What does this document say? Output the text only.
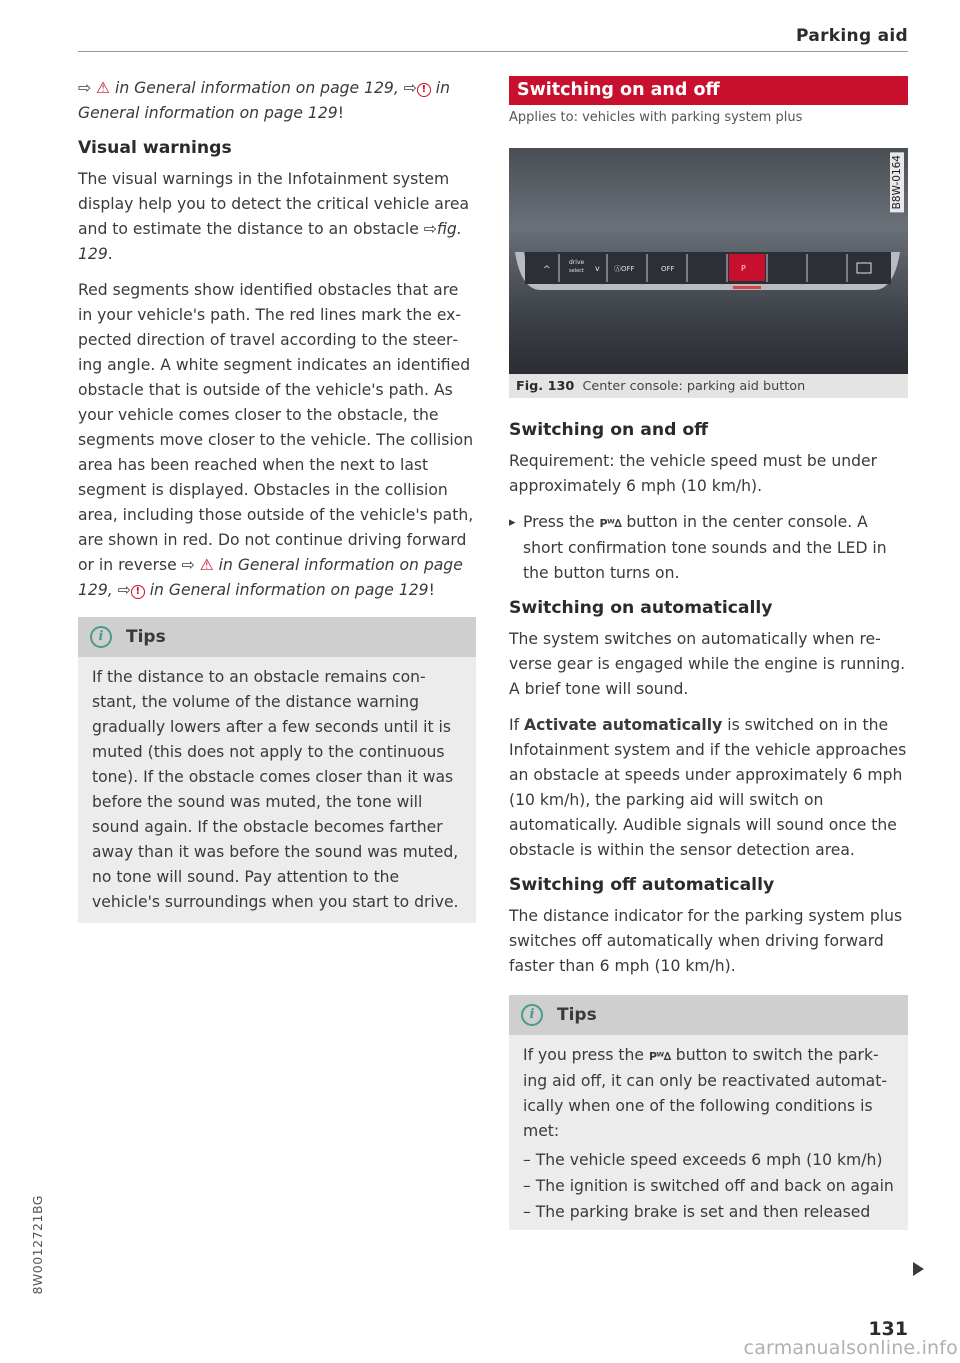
Parking aid

⇨ ⚠ in General information on page 129, ⇨ ! in General information on page 129!

Visual warnings

The visual warnings in the Infotainment system display help you to detect the critical vehicle area and to estimate the distance to an obstacle ⇨fig. 129.

Red segments show identified obstacles that are in your vehicle's path. The red lines mark the expected direction of travel according to the steering angle. A white segment indicates an identified obstacle that is outside of the vehicle's path. As your vehicle comes closer to the obstacle, the segments move closer to the vehicle. The collision area has been reached when the next to last segment is displayed. Obstacles in the collision area, including those outside of the vehicle's path, are shown in red. Do not continue driving forward or in reverse ⇨ ⚠ in General information on page 129, ⇨ ! in General information on page 129!

i	Tips

If the distance to an obstacle remains constant, the volume of the distance warning gradually lowers after a few seconds until it is muted (this does not apply to the continuous tone). If the obstacle comes closer than it was before the sound was muted, the tone will sound again. If the obstacle becomes farther away than it was before the sound was muted, no tone will sound. Pay attention to the vehicle's surroundings when you start to drive.

Switching on and off
Applies to: vehicles with parking system plus
B8W-0164
^
drive
select v ⒶOFF	OFF	P
Fig. 130 Center console: parking aid button
Switching on and off

Requirement: the vehicle speed must be under approximately 6 mph (10 km/h).

▸ Press the Pᵂ∆ button in the center console. A short confirmation tone sounds and the LED in the button turns on.
Switching on automatically

The system switches on automatically when reverse gear is engaged while the engine is running. A brief tone will sound.

If Activate automatically is switched on in the Infotainment system and if the vehicle approaches an obstacle at speeds under approximately 6 mph (10 km/h), the parking aid will switch on automatically. Audible signals will sound once the obstacle is within the sensor detection area.

Switching off automatically

The distance indicator for the parking system plus switches off automatically when driving forward faster than 6 mph (10 km/h).

i	Tips

If you press the Pᵂ∆ button to switch the parking aid off, it can only be reactivated automatically when one of the following conditions is met:

– The vehicle speed exceeds 6 mph (10 km/h)
– The ignition is switched off and back on again
– The parking brake is set and then released
131
8W0012721BG
carmanualsonline.info
